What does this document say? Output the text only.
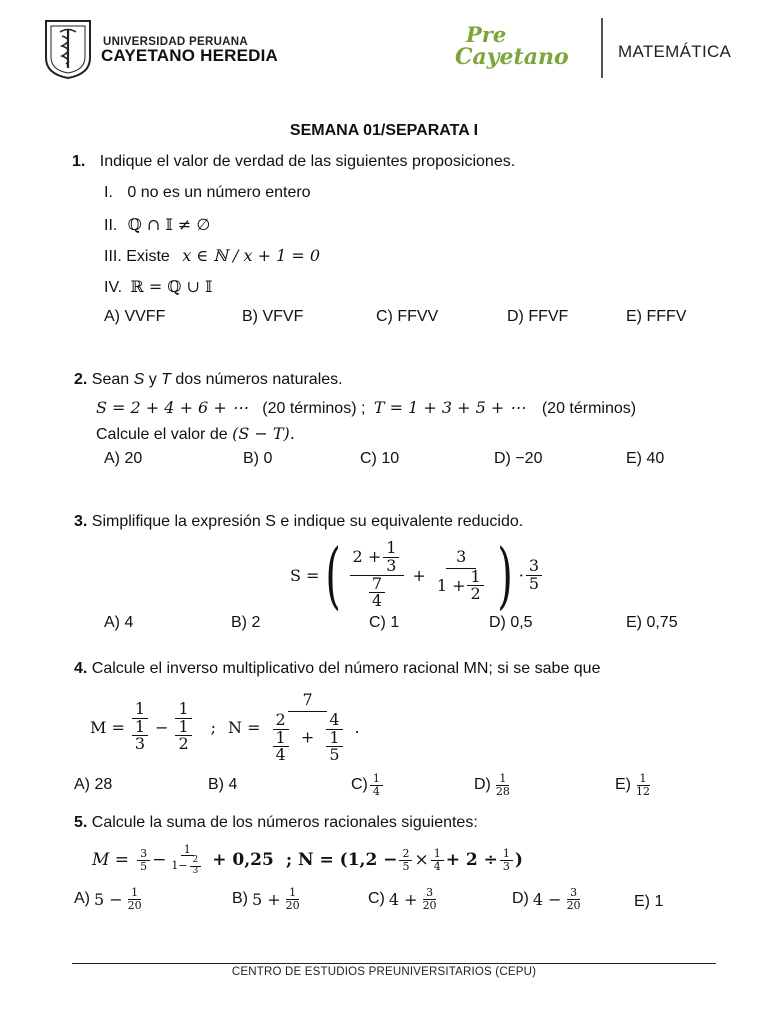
UNIVERSIDAD PERUANA
CAYETANO HEREDIA
Pre
Cayetano	MATEMÁTICA
SEMANA 01/SEPARATA I
1. Indique el valor de verdad de las siguientes proposiciones.
I. 0 no es un número entero
II. ℚ ∩ 𝕀 ≠ ∅
III. Existe x ∈ ℕ / x + 1 = 0
IV. ℝ = ℚ ∪ 𝕀
A) VVFF	B) VFVF	C) FFVV	D) FFVF	E) FFFV
2. Sean S y T dos números naturales.
S = 2 + 4 + 6 + ⋯ (20 términos) ; T = 1 + 3 + 5 + ⋯ (20 términos)
Calcule el valor de (S − T).
A) 20	B) 0	C) 10	D) −20	E) 40
3. Simplifique la expresión S e indique su equivalente reducido.
S = ( $\frac{2 + \frac{1}{3}}{\frac{7}{4}} + \frac{3}{1 + \frac{1}{2}}$ ) · $\frac{3}{5}$
A) 4	B) 2	C) 1	D) 0,5	E) 0,75
4. Calcule el inverso multiplicativo del número racional MN; si se sabe que
$M = \frac{1}{\frac{1}{3}} - \frac{1}{\frac{1}{2}}$ ; $N = \frac{7}{\frac{2}{\frac{1}{4}} + \frac{4}{\frac{1}{5}}}$ .
A) 28	B) 4	$C) \frac{1}{4}$	$D) \frac{1}{28}$	$E) \frac{1}{12}$
5. Calcule la suma de los números racionales siguientes:
$M = \frac{3}{5} - \frac{1}{1- \frac{2}{3}} + 0,25$ ; $N = (1,2 - \frac{2}{5} \times \frac{1}{4} + 2 \div \frac{1}{3}$ )
A) $5 - \frac{1}{20}$	B) $5 + \frac{1}{20}$	C) $4 + \frac{3}{20}$	D) $4 - \frac{3}{20}$	E) 1
CENTRO DE ESTUDIOS PREUNIVERSITARIOS (CEPU)
